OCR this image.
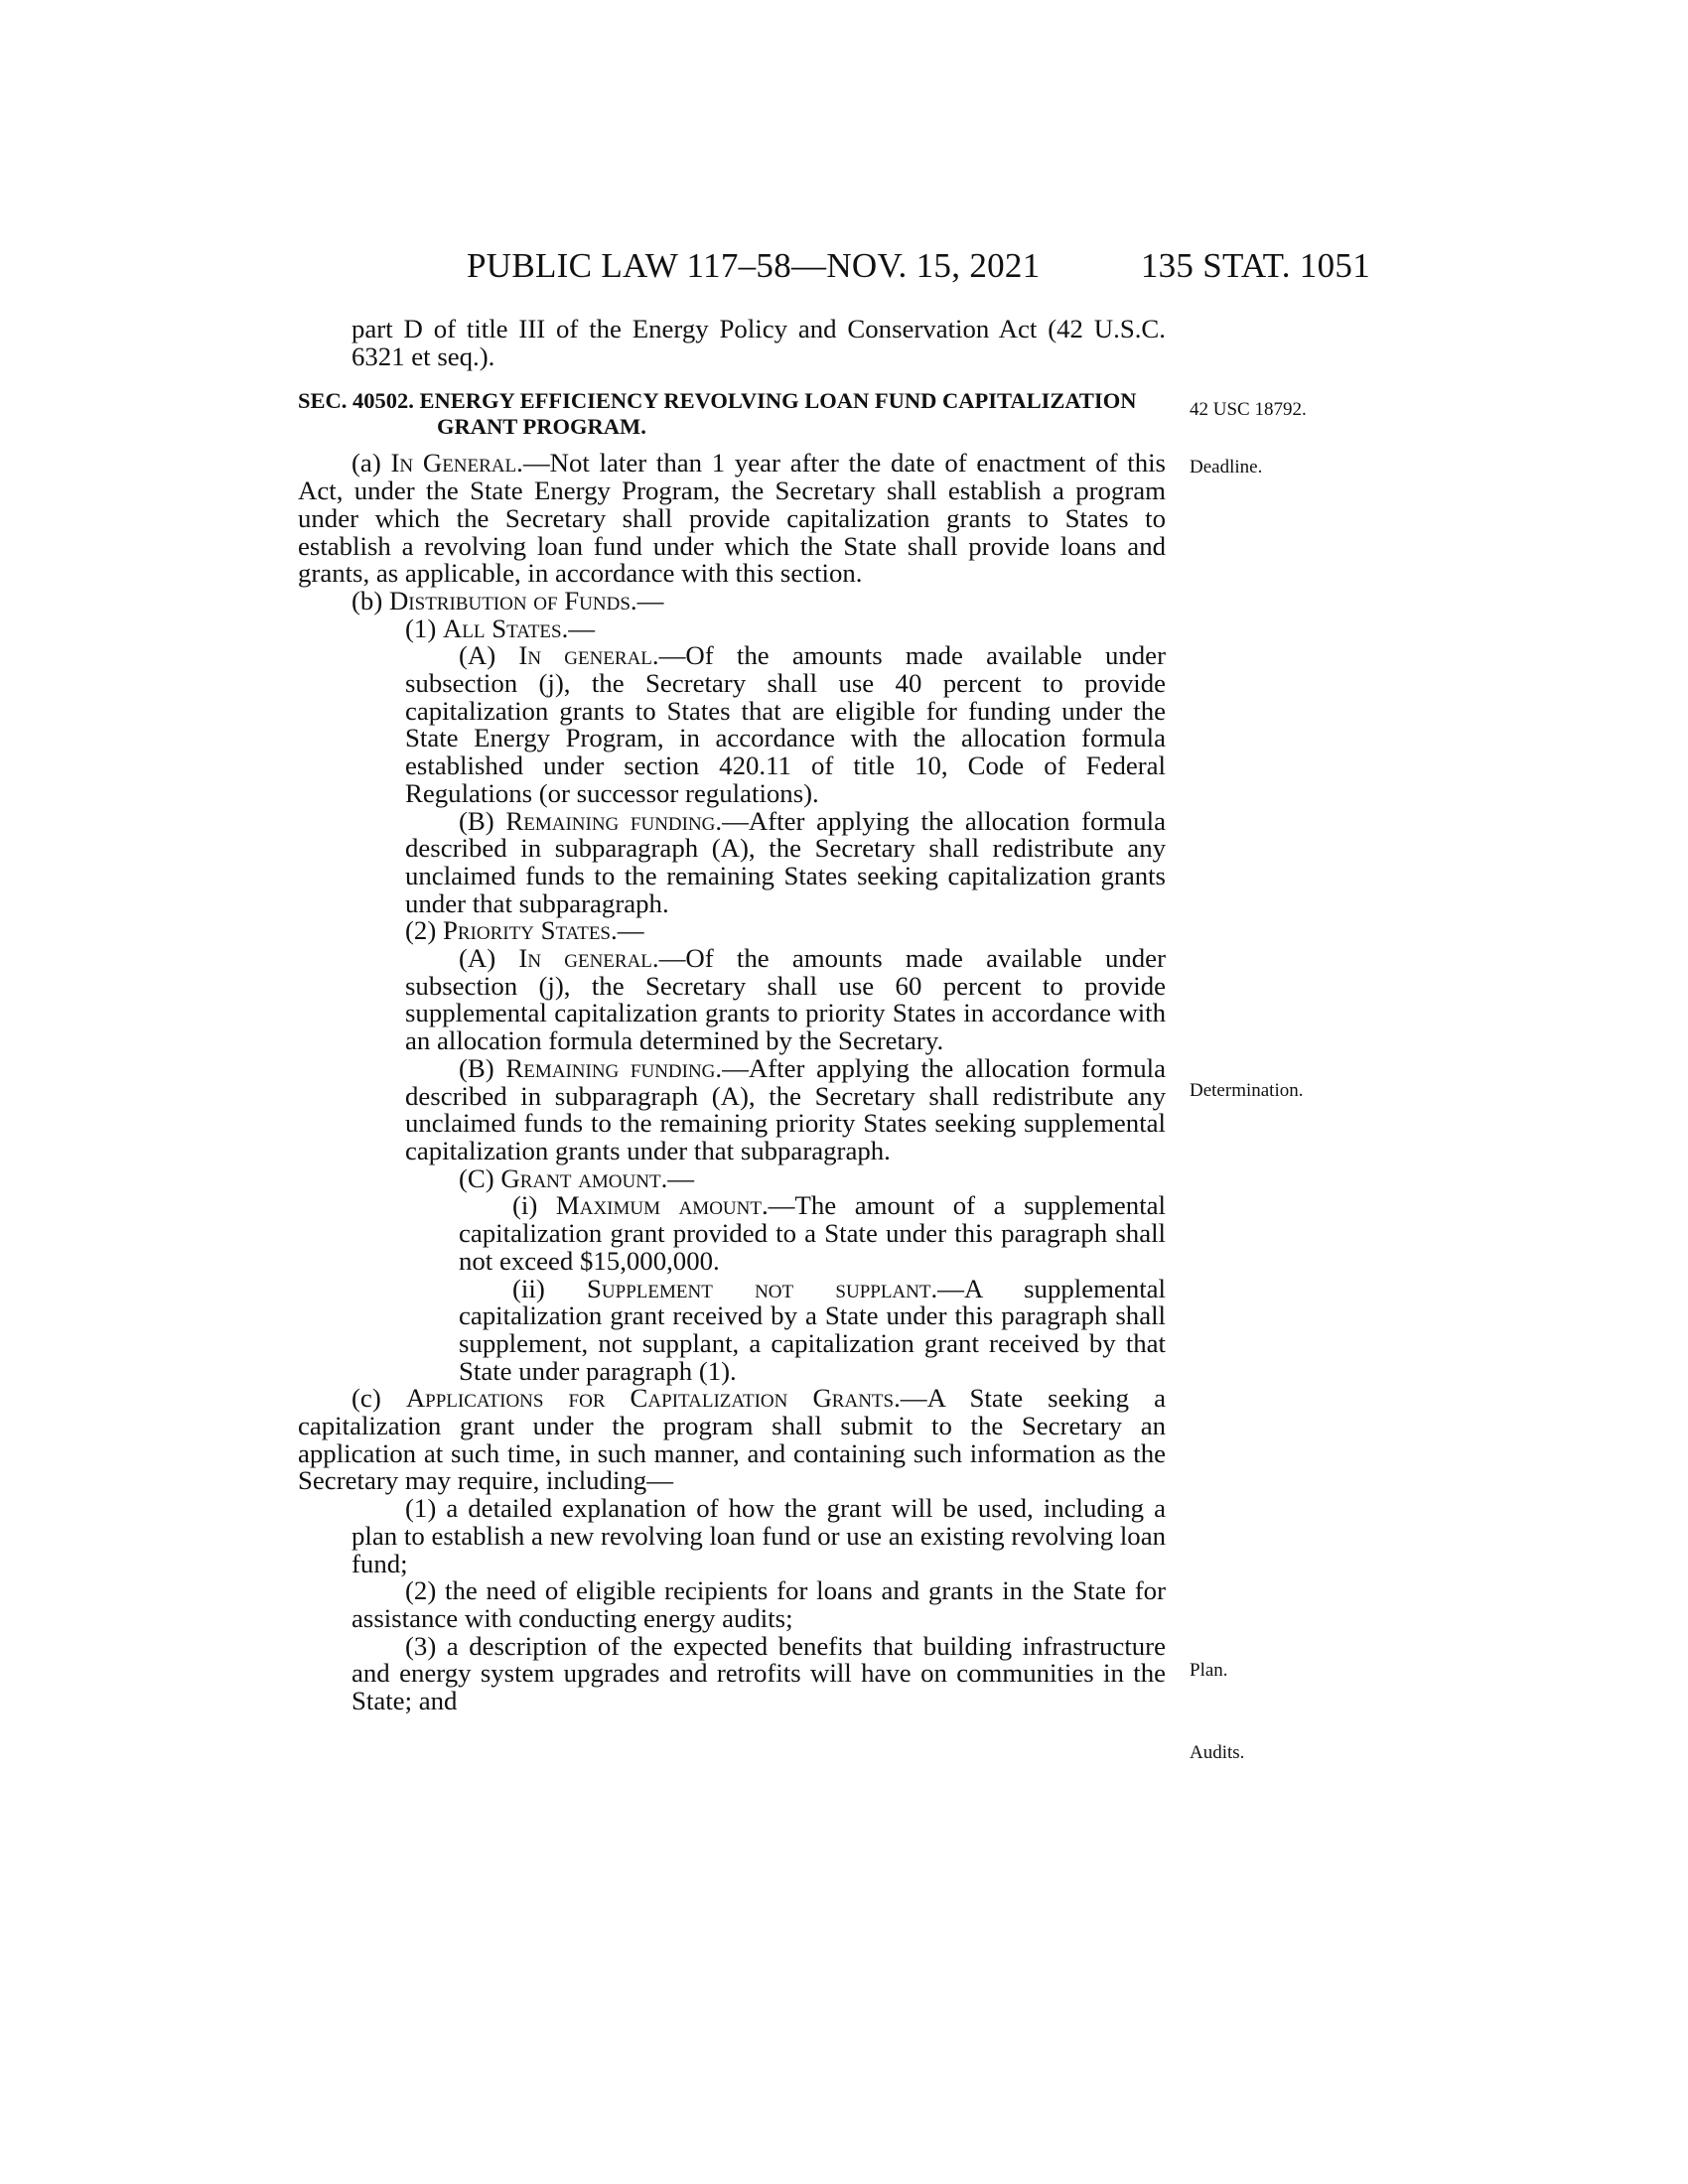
PUBLIC LAW 117–58—NOV. 15, 2021	135 STAT. 1051
42 USC 18792.
Deadline.
Determination.
Plan.
Audits.

part D of title III of the Energy Policy and Conservation Act (42 U.S.C. 6321 et seq.).

SEC. 40502. ENERGY EFFICIENCY REVOLVING LOAN FUND CAPITALIZATION GRANT PROGRAM.

(a) In General.—Not later than 1 year after the date of enactment of this Act, under the State Energy Program, the Secretary shall establish a program under which the Secretary shall provide capitalization grants to States to establish a revolving loan fund under which the State shall provide loans and grants, as applicable, in accordance with this section.

(b) Distribution of Funds.—

(1) All States.—

(A) In general.—Of the amounts made available under subsection (j), the Secretary shall use 40 percent to provide capitalization grants to States that are eligible for funding under the State Energy Program, in accordance with the allocation formula established under section 420.11 of title 10, Code of Federal Regulations (or successor regulations).

(B) Remaining funding.—After applying the allocation formula described in subparagraph (A), the Secretary shall redistribute any unclaimed funds to the remaining States seeking capitalization grants under that subparagraph.

(2) Priority States.—

(A) In general.—Of the amounts made available under subsection (j), the Secretary shall use 60 percent to provide supplemental capitalization grants to priority States in accordance with an allocation formula determined by the Secretary.

(B) Remaining funding.—After applying the allocation formula described in subparagraph (A), the Secretary shall redistribute any unclaimed funds to the remaining priority States seeking supplemental capitalization grants under that subparagraph.

(C) Grant amount.—

(i) Maximum amount.—The amount of a supplemental capitalization grant provided to a State under this paragraph shall not exceed $15,000,000.

(ii) Supplement not supplant.—A supplemental capitalization grant received by a State under this paragraph shall supplement, not supplant, a capitalization grant received by that State under paragraph (1).

(c) Applications for Capitalization Grants.—A State seeking a capitalization grant under the program shall submit to the Secretary an application at such time, in such manner, and containing such information as the Secretary may require, including—

(1) a detailed explanation of how the grant will be used, including a plan to establish a new revolving loan fund or use an existing revolving loan fund;

(2) the need of eligible recipients for loans and grants in the State for assistance with conducting energy audits;

(3) a description of the expected benefits that building infrastructure and energy system upgrades and retrofits will have on communities in the State; and
